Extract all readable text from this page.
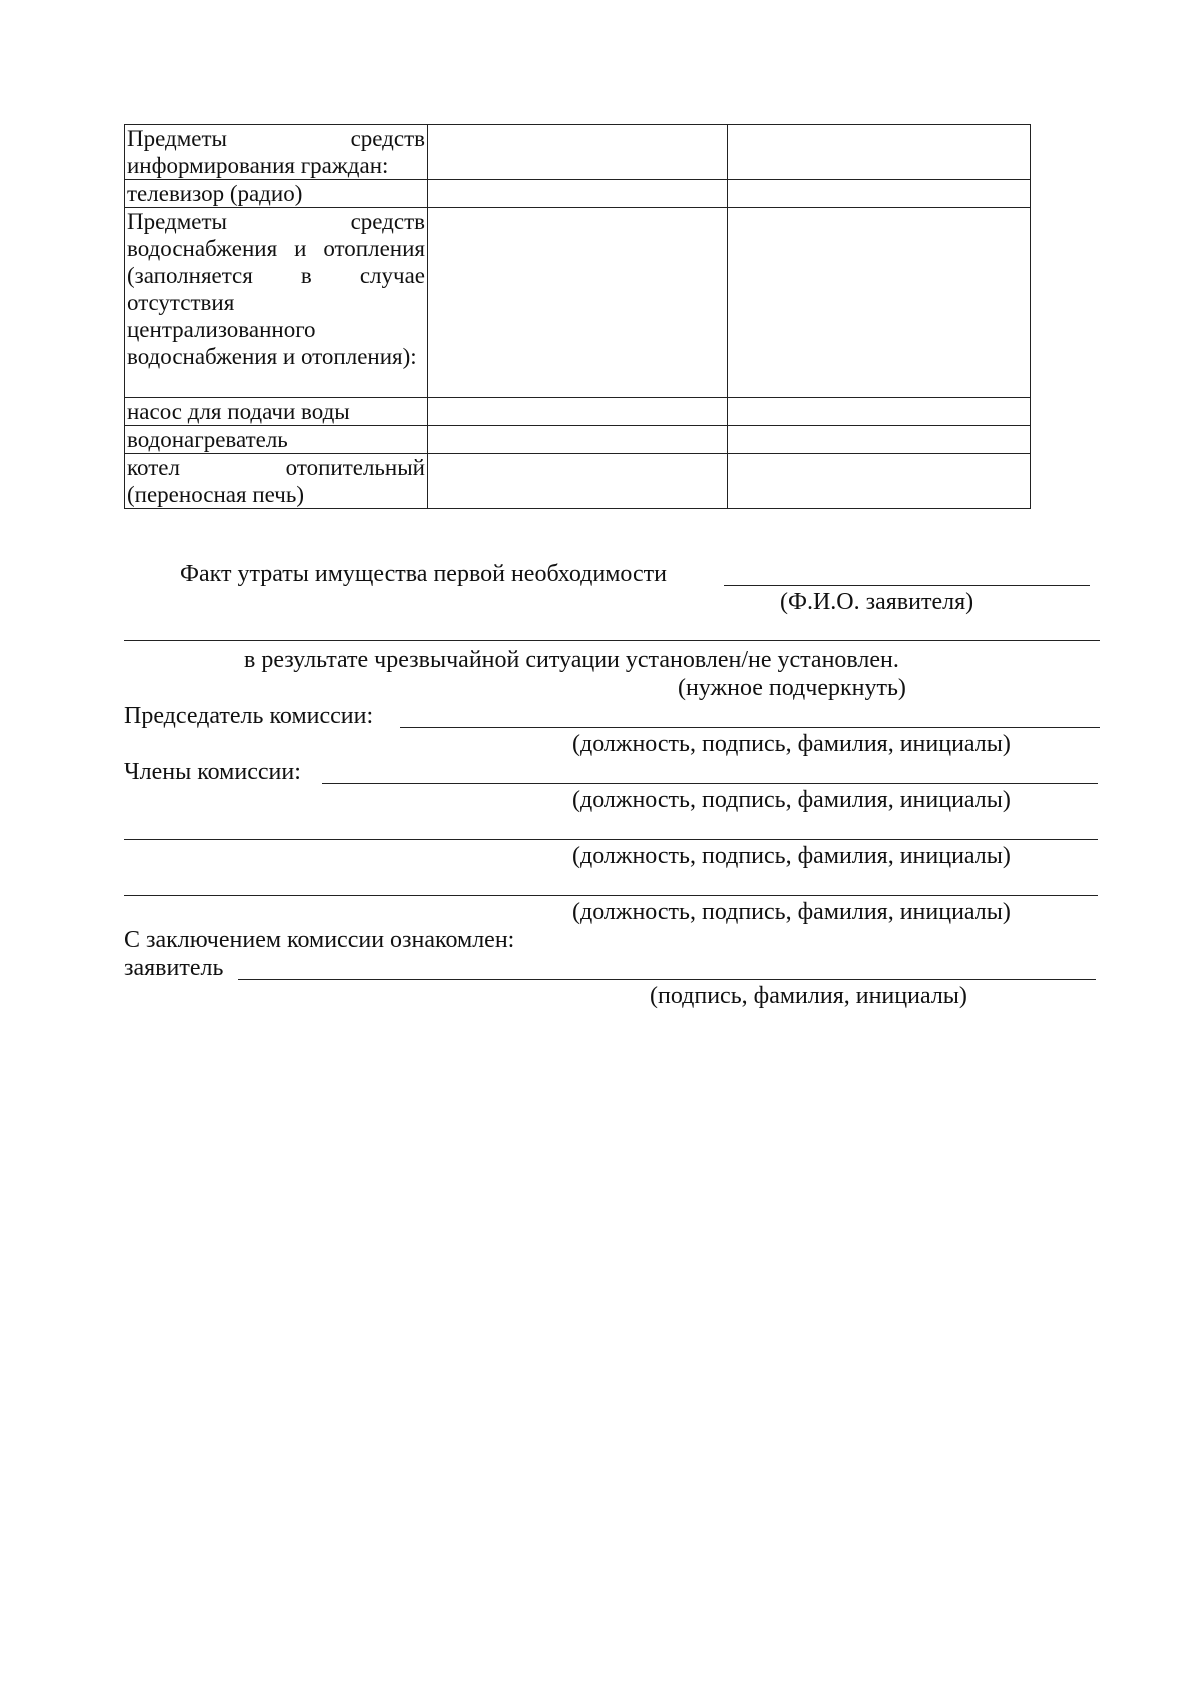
Предметы средств информирования граждан:		
телевизор (радио)		
Предметы средств водоснабжения и отопления (заполняется в случае отсутствия централизованного водоснабжения и отопления):		
насос для подачи воды		
водонагреватель		
котел отопительный (переносная печь)		
Факт утраты имущества первой необходимости
(Ф.И.О. заявителя)
в результате чрезвычайной ситуации установлен/не установлен.
(нужное подчеркнуть)
Председатель комиссии:
(должность, подпись, фамилия, инициалы)
Члены комиссии:
(должность, подпись, фамилия, инициалы)
(должность, подпись, фамилия, инициалы)
(должность, подпись, фамилия, инициалы)
С заключением комиссии ознакомлен:
заявитель
(подпись, фамилия, инициалы)
